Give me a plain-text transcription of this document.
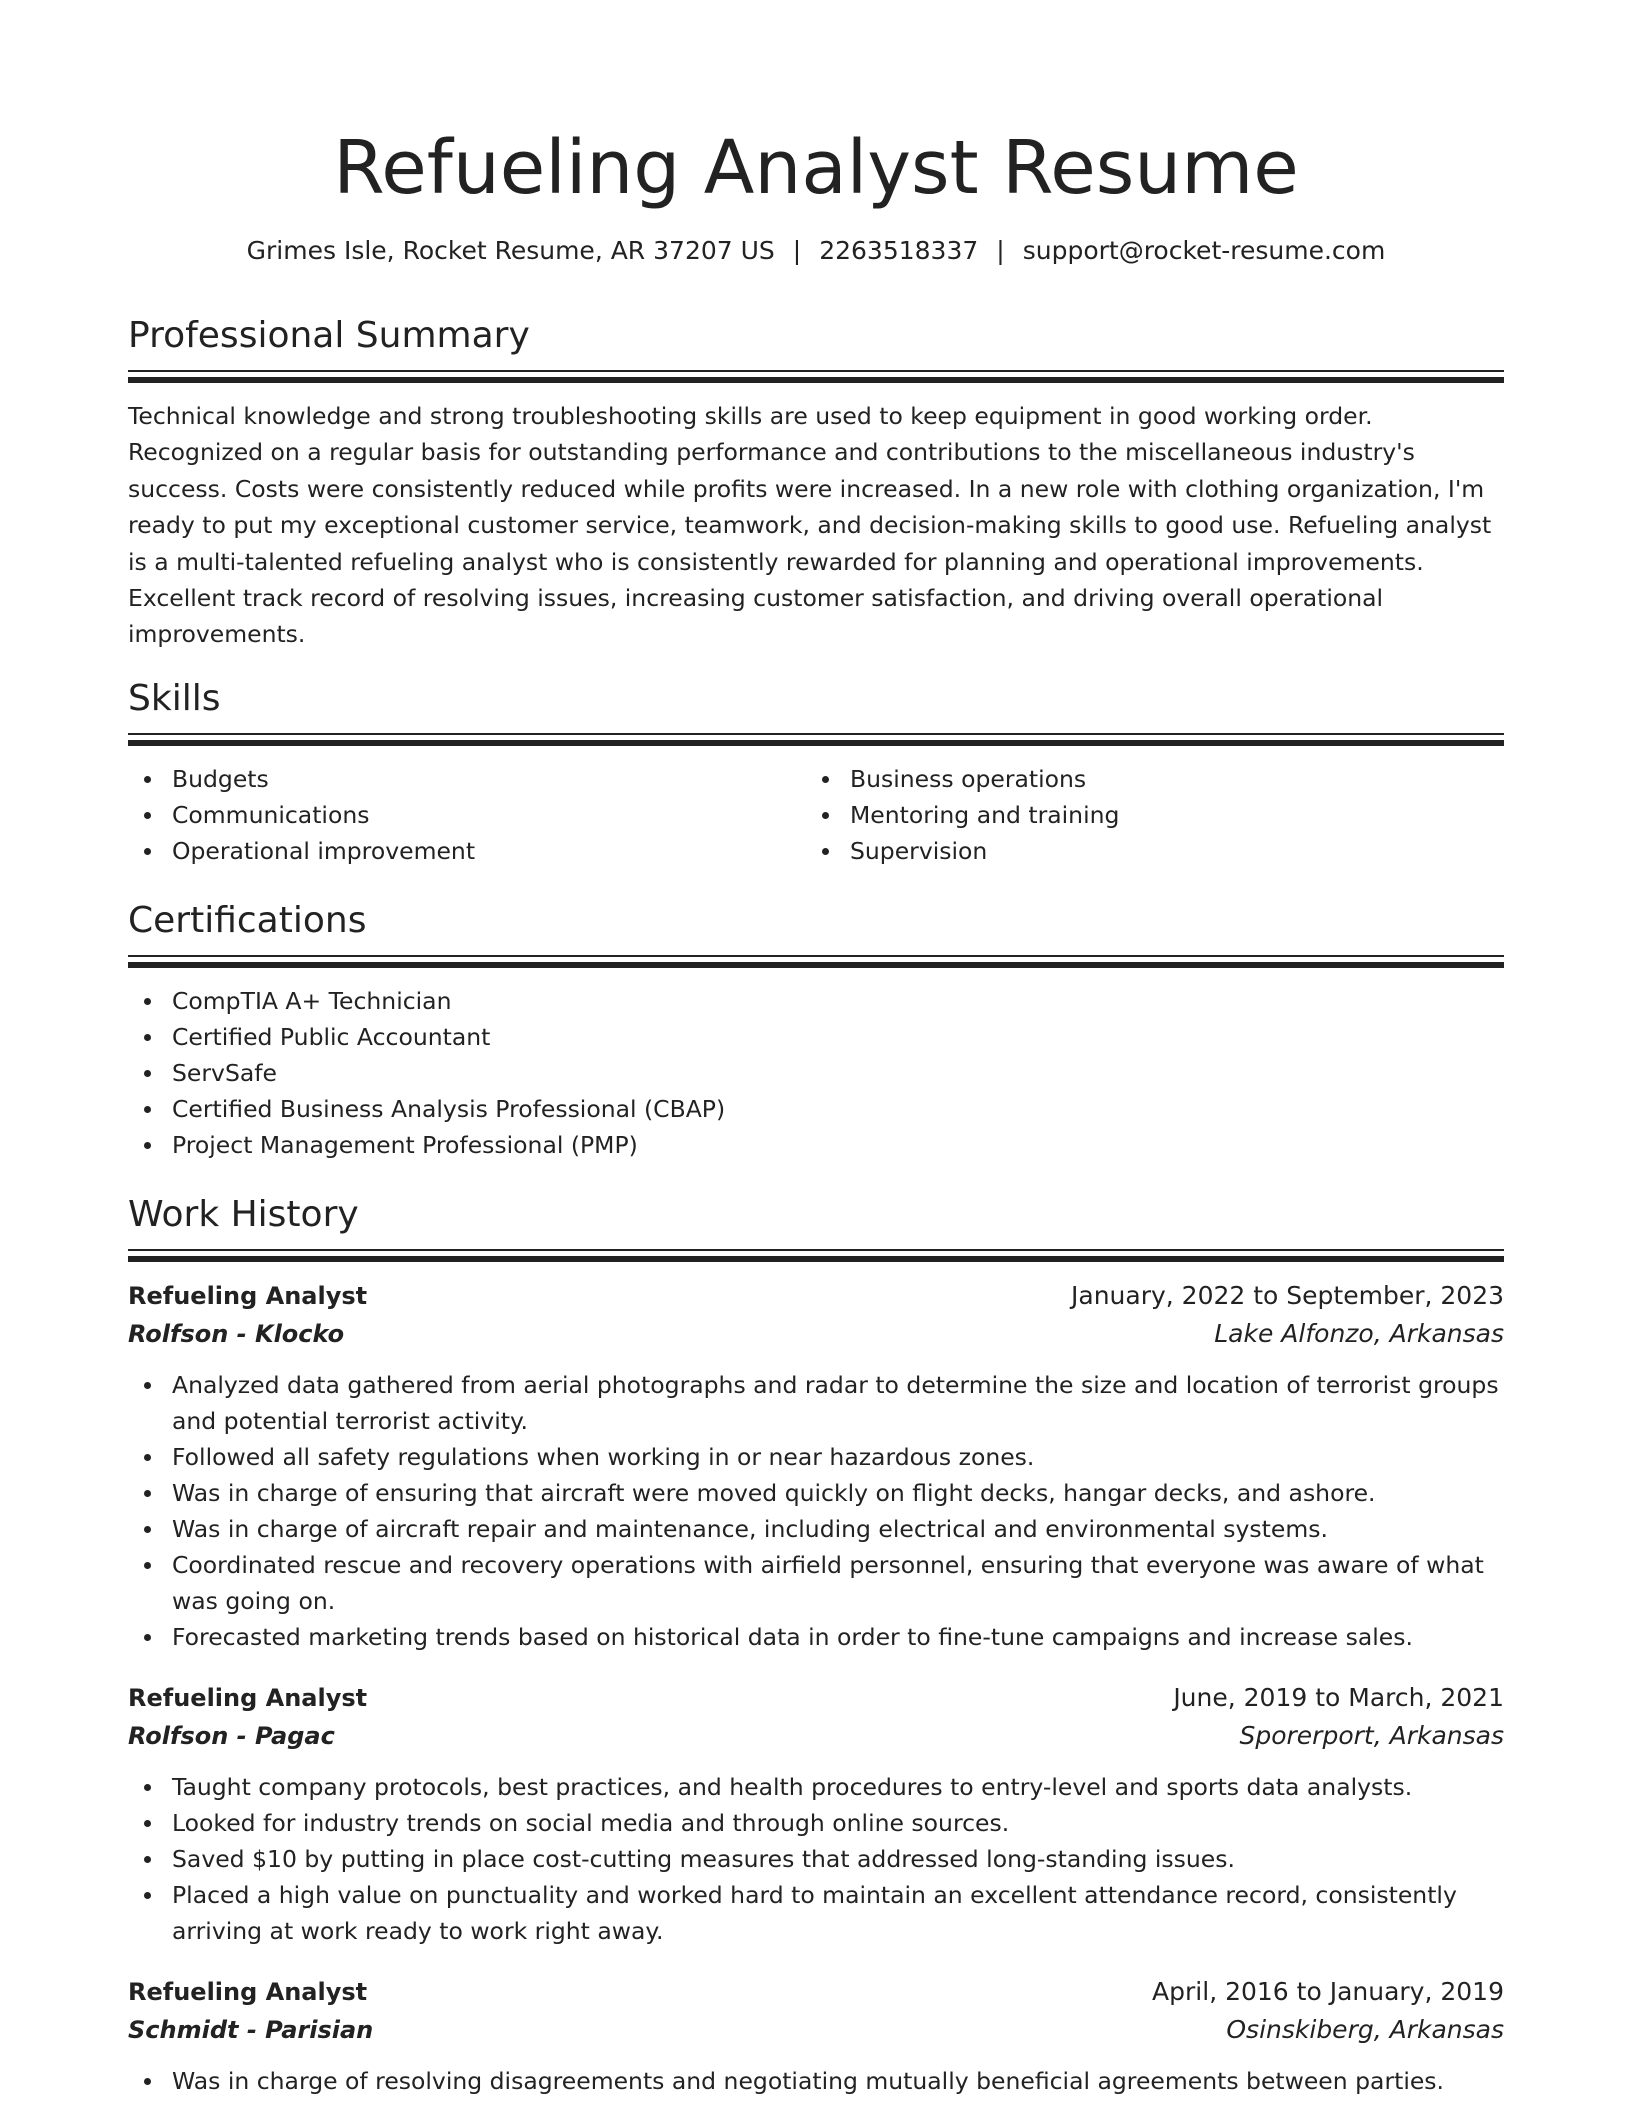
Refueling Analyst Resume
Grimes Isle, Rocket Resume, AR 37207 US | 2263518337 | support@rocket-resume.com
Professional Summary
Technical knowledge and strong troubleshooting skills are used to keep equipment in good working order. Recognized on a regular basis for outstanding performance and contributions to the miscellaneous industry's success. Costs were consistently reduced while profits were increased. In a new role with clothing organization, I'm ready to put my exceptional customer service, teamwork, and decision-making skills to good use. Refueling analyst is a multi-talented refueling analyst who is consistently rewarded for planning and operational improvements. Excellent track record of resolving issues, increasing customer satisfaction, and driving overall operational improvements.
Skills
Budgets
Communications
Operational improvement
Business operations
Mentoring and training
Supervision
Certifications
CompTIA A+ Technician
Certified Public Accountant
ServSafe
Certified Business Analysis Professional (CBAP)
Project Management Professional (PMP)
Work History
Refueling Analyst	January, 2022 to September, 2023
Rolfson - Klocko	Lake Alfonzo, Arkansas
Analyzed data gathered from aerial photographs and radar to determine the size and location of terrorist groups and potential terrorist activity.
Followed all safety regulations when working in or near hazardous zones.
Was in charge of ensuring that aircraft were moved quickly on flight decks, hangar decks, and ashore.
Was in charge of aircraft repair and maintenance, including electrical and environmental systems.
Coordinated rescue and recovery operations with airfield personnel, ensuring that everyone was aware of what was going on.
Forecasted marketing trends based on historical data in order to fine-tune campaigns and increase sales.
Refueling Analyst	June, 2019 to March, 2021
Rolfson - Pagac	Sporerport, Arkansas
Taught company protocols, best practices, and health procedures to entry-level and sports data analysts.
Looked for industry trends on social media and through online sources.
Saved $10 by putting in place cost-cutting measures that addressed long-standing issues.
Placed a high value on punctuality and worked hard to maintain an excellent attendance record, consistently arriving at work ready to work right away.
Refueling Analyst	April, 2016 to January, 2019
Schmidt - Parisian	Osinskiberg, Arkansas
Was in charge of resolving disagreements and negotiating mutually beneficial agreements between parties.
